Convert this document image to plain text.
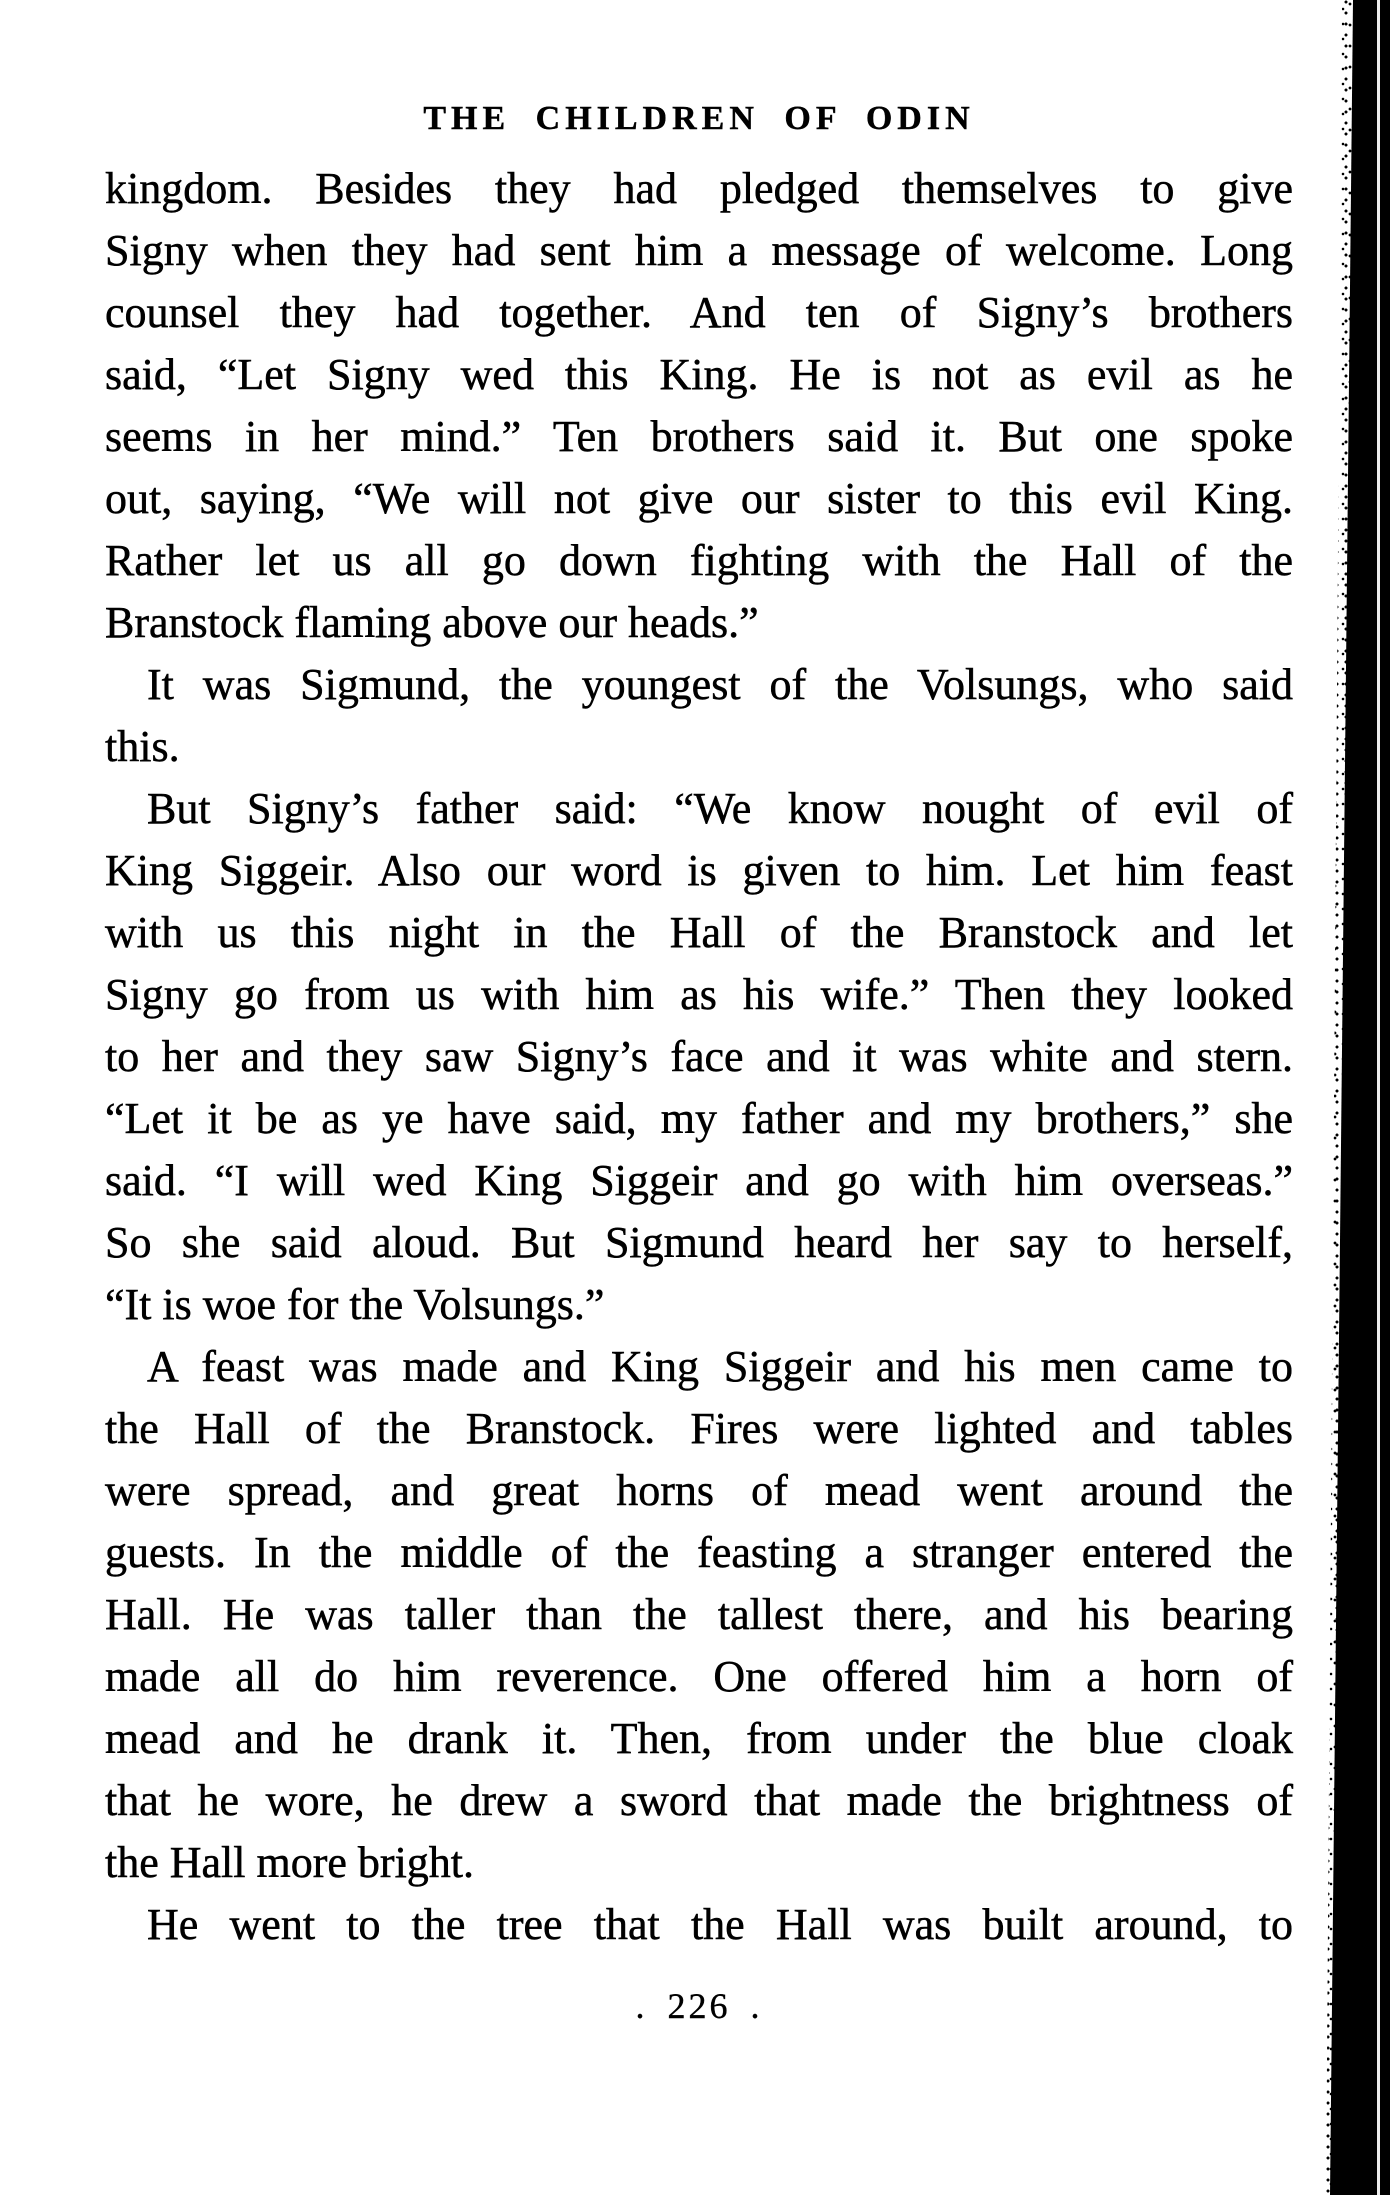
THE CHILDREN OF ODIN
kingdom. Besides they had pledged themselves to give
Signy when they had sent him a message of welcome. Long
counsel they had together. And ten of Signy’s brothers
said, “Let Signy wed this King. He is not as evil as he
seems in her mind.” Ten brothers said it. But one spoke
out, saying, “We will not give our sister to this evil King.
Rather let us all go down fighting with the Hall of the
Branstock flaming above our heads.”
It was Sigmund, the youngest of the Volsungs, who said
this.
But Signy’s father said: “We know nought of evil of
King Siggeir. Also our word is given to him. Let him feast
with us this night in the Hall of the Branstock and let
Signy go from us with him as his wife.” Then they looked
to her and they saw Signy’s face and it was white and stern.
“Let it be as ye have said, my father and my brothers,” she
said. “I will wed King Siggeir and go with him overseas.”
So she said aloud. But Sigmund heard her say to herself,
“It is woe for the Volsungs.”
A feast was made and King Siggeir and his men came to
the Hall of the Branstock. Fires were lighted and tables
were spread, and great horns of mead went around the
guests. In the middle of the feasting a stranger entered the
Hall. He was taller than the tallest there, and his bearing
made all do him reverence. One offered him a horn of
mead and he drank it. Then, from under the blue cloak
that he wore, he drew a sword that made the brightness of
the Hall more bright.
He went to the tree that the Hall was built around, to
. 226 .
